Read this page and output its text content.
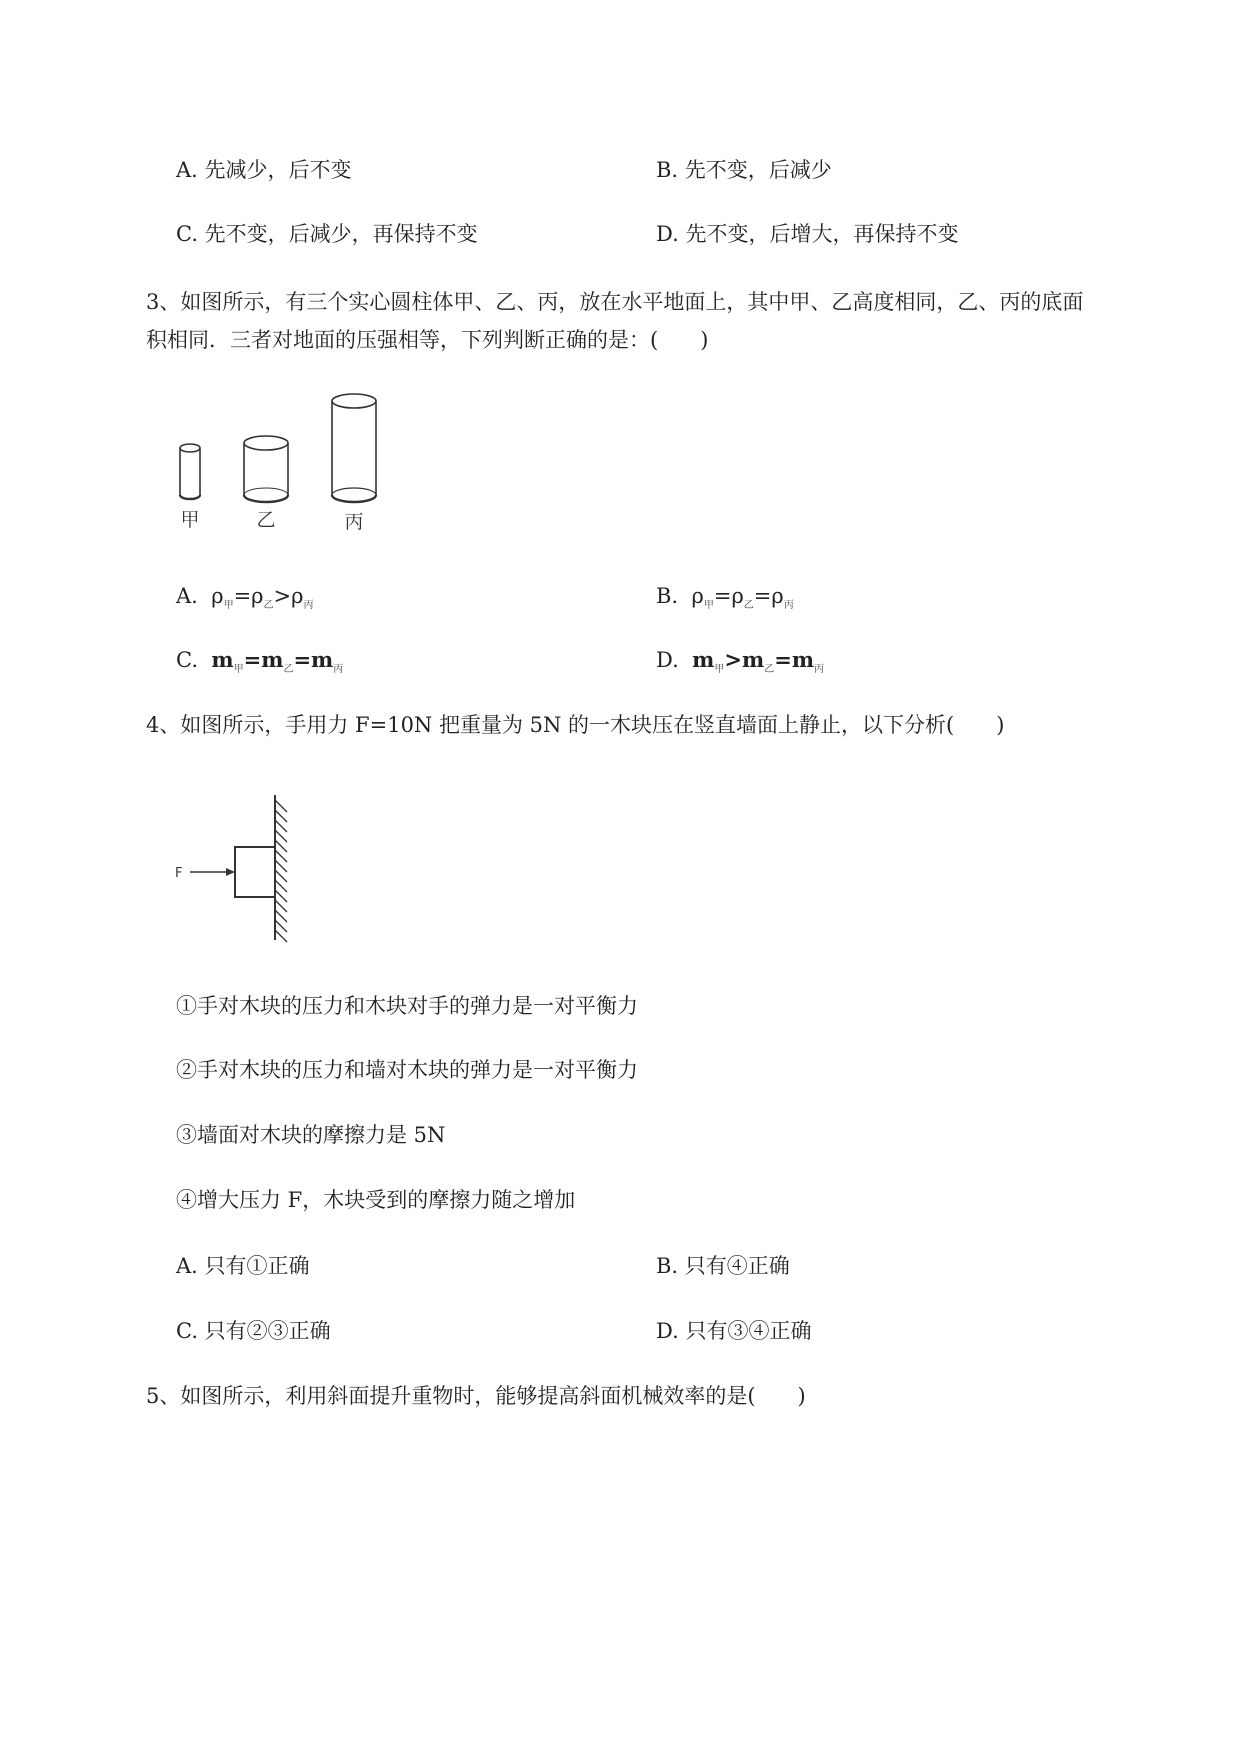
A. 先减少，后不变	B. 先不变，后减少
C. 先不变，后减少，再保持不变	D. 先不变，后增大，再保持不变
3、如图所示，有三个实心圆柱体甲、乙、丙，放在水平地面上，其中甲、乙高度相同，乙、丙的底面
积相同．三者对地面的压强相等，下列判断正确的是：(　　)
甲	乙	丙
A. $\rho_甲=\rho_乙>\rho_丙$	B. $\rho_甲=\rho_乙=\rho_丙$
C. $m_甲=m_乙=m_丙$	D. $m_甲>m_乙=m_丙$
4、如图所示，手用力 F=10N 把重量为 5N 的一木块压在竖直墙面上静止，以下分析(　　)
F
①手对木块的压力和木块对手的弹力是一对平衡力
②手对木块的压力和墙对木块的弹力是一对平衡力
③墙面对木块的摩擦力是 5N
④增大压力 F，木块受到的摩擦力随之增加
A. 只有①正确	B. 只有④正确
C. 只有②③正确	D. 只有③④正确
5、如图所示，利用斜面提升重物时，能够提高斜面机械效率的是(　　)
